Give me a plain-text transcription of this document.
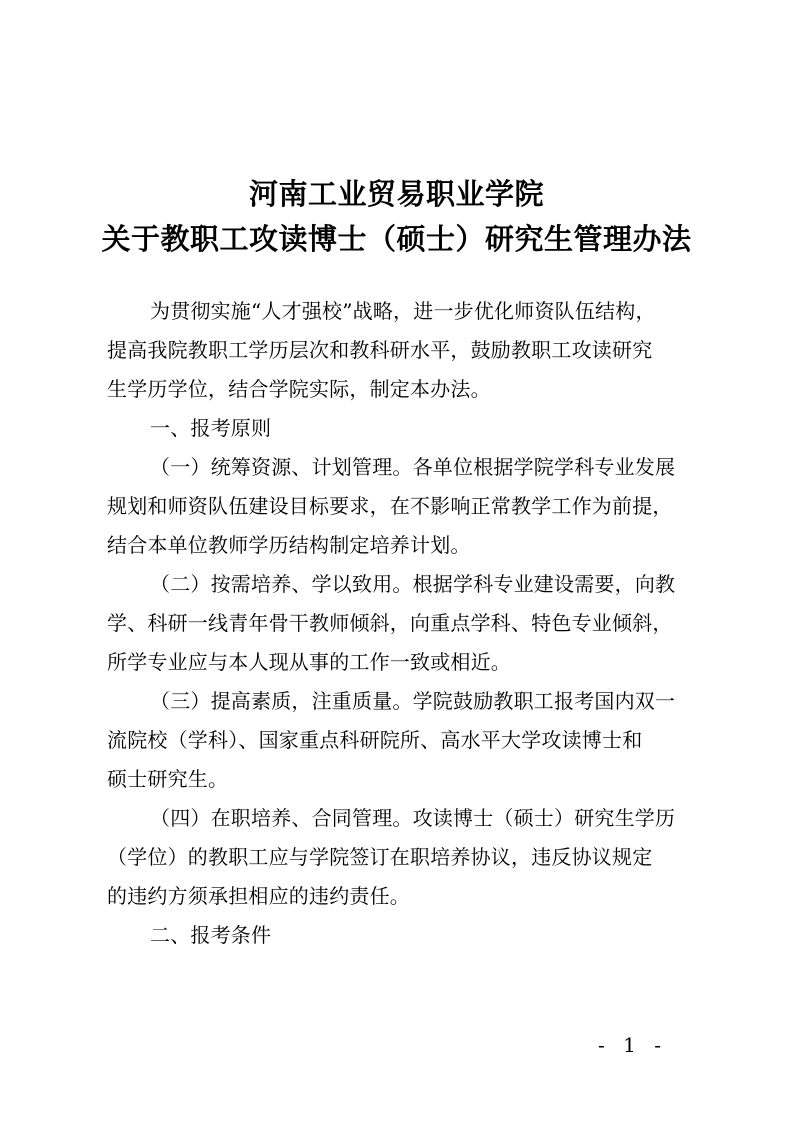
河南工业贸易职业学院
关于教职工攻读博士（硕士）研究生管理办法
为贯彻实施“人才强校”战略，进一步优化师资队伍结构，
提高我院教职工学历层次和教科研水平，鼓励教职工攻读研究
生学历学位，结合学院实际，制定本办法。
一、报考原则
（一）统筹资源、计划管理。各单位根据学院学科专业发展
规划和师资队伍建设目标要求，在不影响正常教学工作为前提，
结合本单位教师学历结构制定培养计划。
（二）按需培养、学以致用。根据学科专业建设需要，向教
学、科研一线青年骨干教师倾斜，向重点学科、特色专业倾斜，
所学专业应与本人现从事的工作一致或相近。
（三）提高素质，注重质量。学院鼓励教职工报考国内双一
流院校（学科）、国家重点科研院所、高水平大学攻读博士和
硕士研究生。
（四）在职培养、合同管理。攻读博士（硕士）研究生学历
（学位）的教职工应与学院签订在职培养协议，违反协议规定
的违约方须承担相应的违约责任。
二、报考条件
- 1 -
